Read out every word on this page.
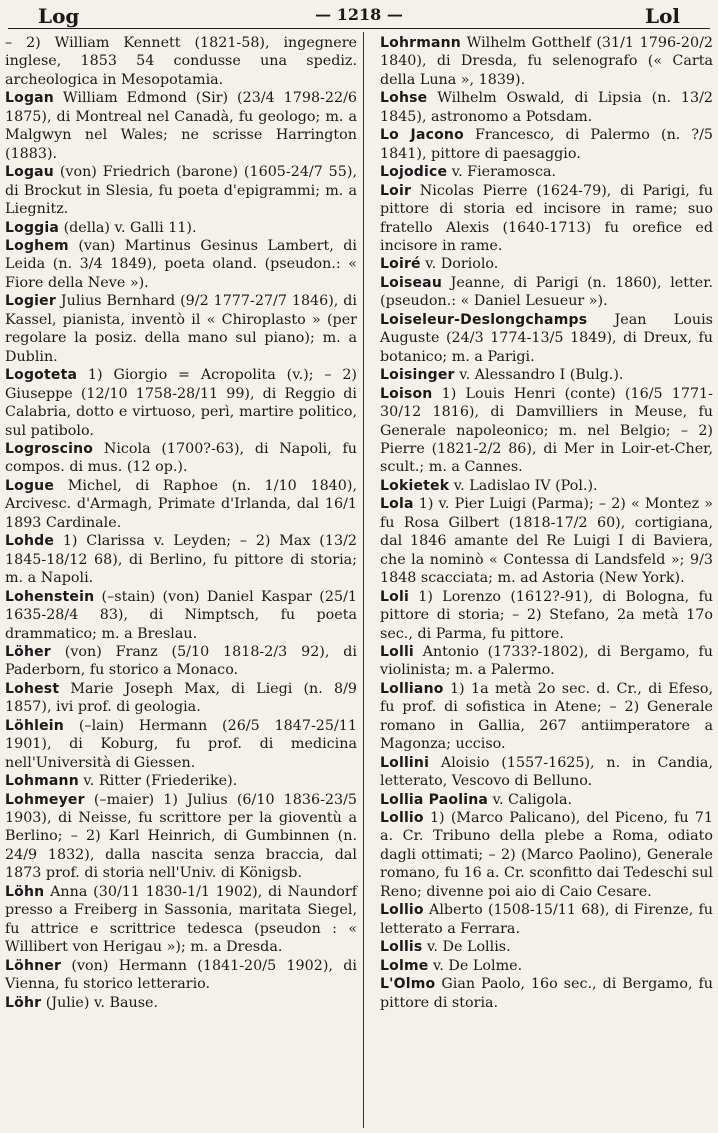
Log	— 1218 —	Lol

– 2) William Kennett (1821-58), ingegnere inglese, 1853 54 condusse una spediz. archeologica in Mesopotamia.

Logan William Edmond (Sir) (23/4 1798-22/6 1875), di Montreal nel Canadà, fu geologo; m. a Malgwyn nel Wales; ne scrisse Harrington (1883).

Logau (von) Friedrich (barone) (1605-24/7 55), di Brockut in Slesia, fu poeta d'epigrammi; m. a Liegnitz.

Loggia (della) v. Galli 11).

Loghem (van) Martinus Gesinus Lambert, di Leida (n. 3/4 1849), poeta oland. (pseudon.: « Fiore della Neve »).

Logier Julius Bernhard (9/2 1777-27/7 1846), di Kassel, pianista, inventò il « Chiroplasto » (per regolare la posiz. della mano sul piano); m. a Dublin.

Logoteta 1) Giorgio = Acropolita (v.); – 2) Giuseppe (12/10 1758-28/11 99), di Reggio di Calabria, dotto e virtuoso, perì, martire politico, sul patibolo.

Logroscino Nicola (1700?-63), di Napoli, fu compos. di mus. (12 op.).

Logue Michel, di Raphoe (n. 1/10 1840), Arcivesc. d'Armagh, Primate d'Irlanda, dal 16/1 1893 Cardinale.

Lohde 1) Clarissa v. Leyden; – 2) Max (13/2 1845-18/12 68), di Berlino, fu pittore di storia; m. a Napoli.

Lohenstein (–stain) (von) Daniel Kaspar (25/1 1635-28/4 83), di Nimptsch, fu poeta drammatico; m. a Breslau.

Löher (von) Franz (5/10 1818-2/3 92), di Paderborn, fu storico a Monaco.

Lohest Marie Joseph Max, di Liegi (n. 8/9 1857), ivi prof. di geologia.

Löhlein (–lain) Hermann (26/5 1847-25/11 1901), di Koburg, fu prof. di medicina nell'Università di Giessen.

Lohmann v. Ritter (Friederike).

Lohmeyer (–maier) 1) Julius (6/10 1836-23/5 1903), di Neisse, fu scrittore per la gioventù a Berlino; – 2) Karl Heinrich, di Gumbinnen (n. 24/9 1832), dalla nascita senza braccia, dal 1873 prof. di storia nell'Univ. di Königsb.

Löhn Anna (30/11 1830-1/1 1902), di Naundorf presso a Freiberg in Sassonia, maritata Siegel, fu attrice e scrittrice tedesca (pseudon : « Willibert von Herigau »); m. a Dresda.

Löhner (von) Hermann (1841-20/5 1902), di Vienna, fu storico letterario.

Löhr (Julie) v. Bause.

Lohrmann Wilhelm Gotthelf (31/1 1796-20/2 1840), di Dresda, fu selenografo (« Carta della Luna », 1839).

Lohse Wilhelm Oswald, di Lipsia (n. 13/2 1845), astronomo a Potsdam.

Lo Jacono Francesco, di Palermo (n. ?/5 1841), pittore di paesaggio.

Lojodice v. Fieramosca.

Loir Nicolas Pierre (1624-79), di Parigi, fu pittore di storia ed incisore in rame; suo fratello Alexis (1640-1713) fu orefice ed incisore in rame.

Loiré v. Doriolo.

Loiseau Jeanne, di Parigi (n. 1860), letter. (pseudon.: « Daniel Lesueur »).

Loiseleur-Deslongchamps Jean Louis Auguste (24/3 1774-13/5 1849), di Dreux, fu botanico; m. a Parigi.

Loisinger v. Alessandro I (Bulg.).

Loison 1) Louis Henri (conte) (16/5 1771-30/12 1816), di Damvilliers in Meuse, fu Generale napoleonico; m. nel Belgio; – 2) Pierre (1821-2/2 86), di Mer in Loir-et-Cher, scult.; m. a Cannes.

Lokietek v. Ladislao IV (Pol.).

Lola 1) v. Pier Luigi (Parma); – 2) « Montez » fu Rosa Gilbert (1818-17/2 60), cortigiana, dal 1846 amante del Re Luigi I di Baviera, che la nominò « Contessa di Landsfeld »; 9/3 1848 scacciata; m. ad Astoria (New York).

Loli 1) Lorenzo (1612?-91), di Bologna, fu pittore di storia; – 2) Stefano, 2a metà 17o sec., di Parma, fu pittore.

Lolli Antonio (1733?-1802), di Bergamo, fu violinista; m. a Palermo.

Lolliano 1) 1a metà 2o sec. d. Cr., di Efeso, fu prof. di sofistica in Atene; – 2) Generale romano in Gallia, 267 antiimperatore a Magonza; ucciso.

Lollini Aloisio (1557-1625), n. in Candia, letterato, Vescovo di Belluno.

Lollia Paolina v. Caligola.

Lollio 1) (Marco Palicano), del Piceno, fu 71 a. Cr. Tribuno della plebe a Roma, odiato dagli ottimati; – 2) (Marco Paolino), Generale romano, fu 16 a. Cr. sconfitto dai Tedeschi sul Reno; divenne poi aio di Caio Cesare.

Lollio Alberto (1508-15/11 68), di Firenze, fu letterato a Ferrara.

Lollis v. De Lollis.

Lolme v. De Lolme.

L'Olmo Gian Paolo, 16o sec., di Bergamo, fu pittore di storia.
